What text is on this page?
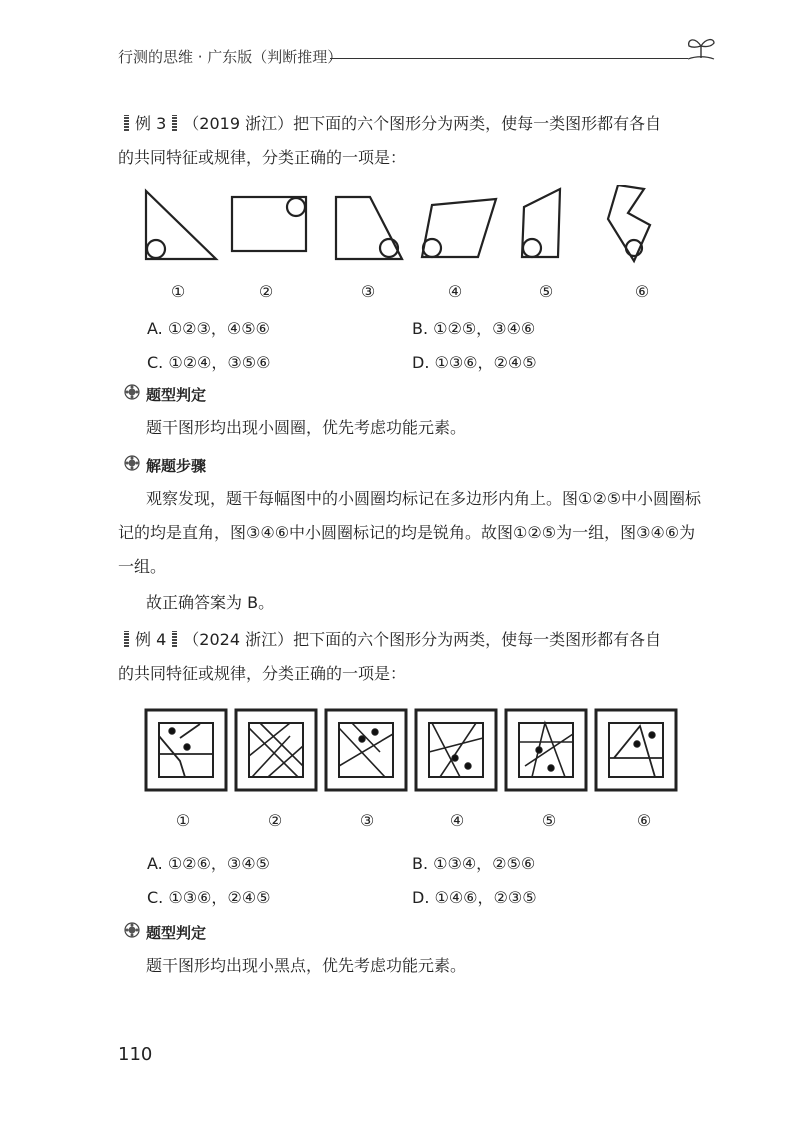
行测的思维 · 广东版（判断推理）
例 3 （2019 浙江）把下面的六个图形分为两类，使每一类图形都有各自
的共同特征或规律，分类正确的一项是：
①	②	③	④	⑤	⑥
A. ①②③，④⑤⑥	B. ①②⑤，③④⑥
C. ①②④，③⑤⑥	D. ①③⑥，②④⑤
题型判定
题干图形均出现小圆圈，优先考虑功能元素。
解题步骤
观察发现，题干每幅图中的小圆圈均标记在多边形内角上。图①②⑤中小圆圈标
记的均是直角，图③④⑥中小圆圈标记的均是锐角。故图①②⑤为一组，图③④⑥为
一组。
故正确答案为 B。
例 4 （2024 浙江）把下面的六个图形分为两类，使每一类图形都有各自
的共同特征或规律，分类正确的一项是：
①	②	③	④	⑤	⑥
A. ①②⑥，③④⑤	B. ①③④，②⑤⑥
C. ①③⑥，②④⑤	D. ①④⑥，②③⑤
题型判定
题干图形均出现小黑点，优先考虑功能元素。
110
